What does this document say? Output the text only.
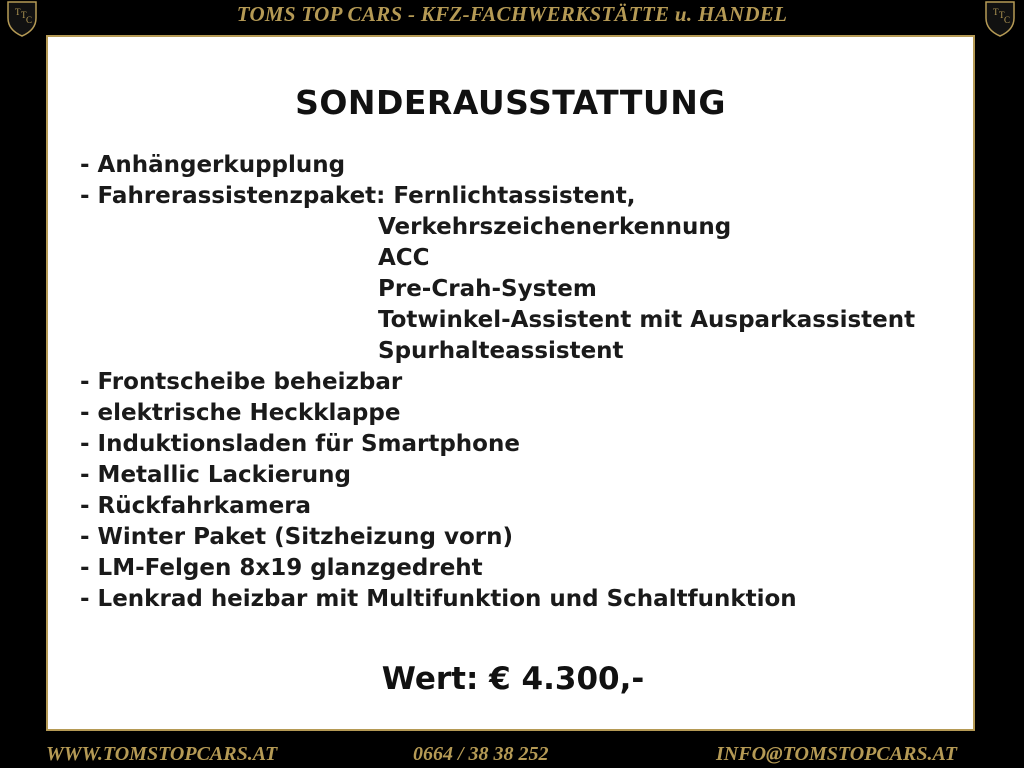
TOMS TOP CARS - KFZ-FACHWERKSTÄTTE u. HANDEL
T T C
T T C
SONDERAUSSTATTUNG
- Anhängerkupplung
- Fahrerassistenzpaket: Fernlichtassistent,
Verkehrszeichenerkennung
ACC
Pre-Crah-System
Totwinkel-Assistent mit Ausparkassistent
Spurhalteassistent
- Frontscheibe beheizbar
- elektrische Heckklappe
- Induktionsladen für Smartphone
- Metallic Lackierung
- Rückfahrkamera
- Winter Paket (Sitzheizung vorn)
- LM-Felgen 8x19 glanzgedreht
- Lenkrad heizbar mit Multifunktion und Schaltfunktion
Wert: € 4.300,-
WWW.TOMSTOPCARS.AT	0664 / 38 38 252	INFO@TOMSTOPCARS.AT
